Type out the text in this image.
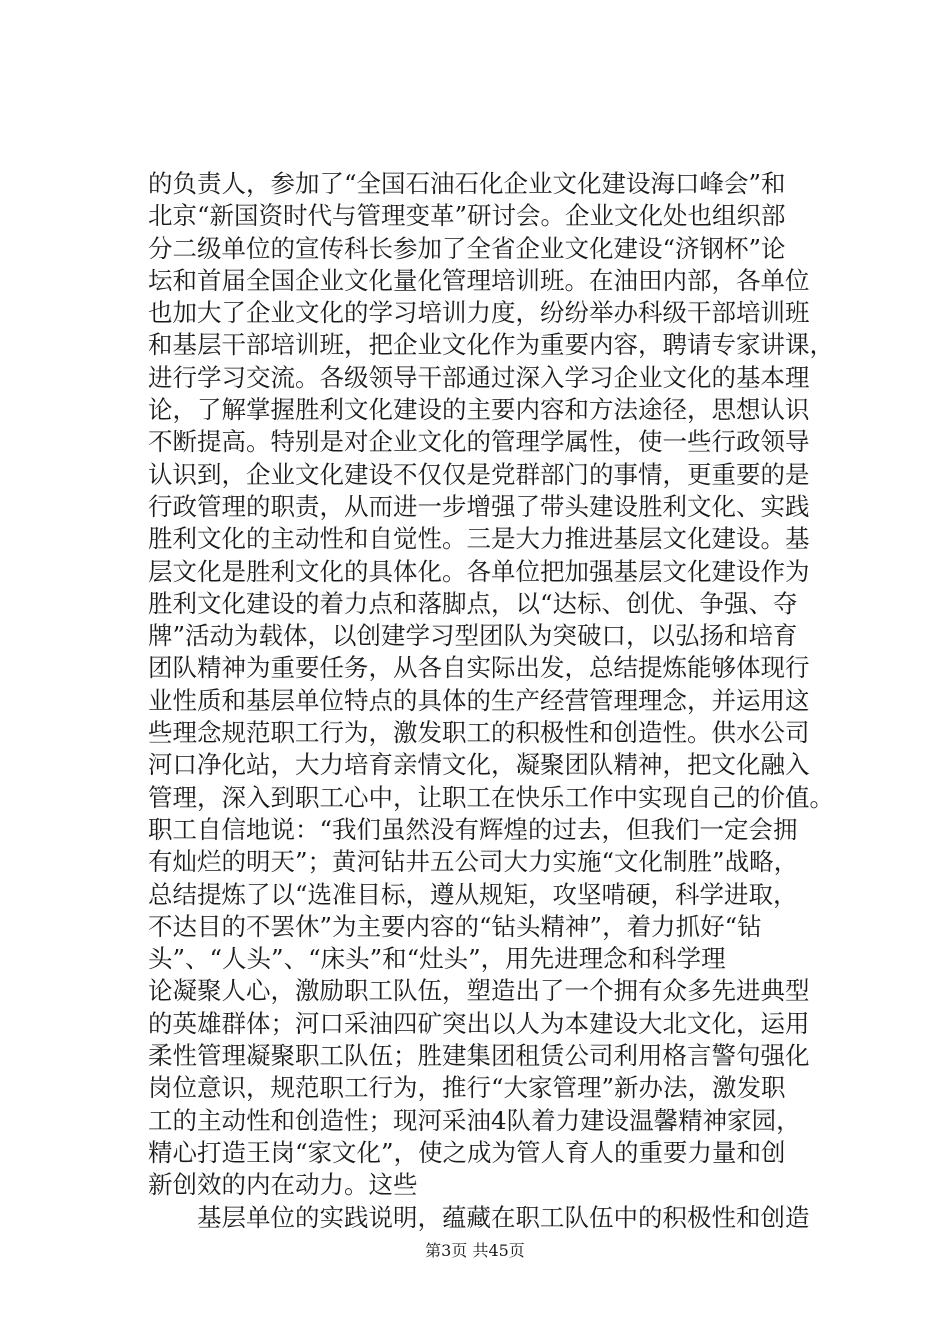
的负责人，参加了“全国石油石化企业文化建设海口峰会”和
北京“新国资时代与管理变革”研讨会。企业文化处也组织部
分二级单位的宣传科长参加了全省企业文化建设“济钢杯”论
坛和首届全国企业文化量化管理培训班。在油田内部，各单位
也加大了企业文化的学习培训力度，纷纷举办科级干部培训班
和基层干部培训班，把企业文化作为重要内容，聘请专家讲课，
进行学习交流。各级领导干部通过深入学习企业文化的基本理
论，了解掌握胜利文化建设的主要内容和方法途径，思想认识
不断提高。特别是对企业文化的管理学属性，使一些行政领导
认识到，企业文化建设不仅仅是党群部门的事情，更重要的是
行政管理的职责，从而进一步增强了带头建设胜利文化、实践
胜利文化的主动性和自觉性。三是大力推进基层文化建设。基
层文化是胜利文化的具体化。各单位把加强基层文化建设作为
胜利文化建设的着力点和落脚点，以“达标、创优、争强、夺
牌”活动为载体，以创建学习型团队为突破口，以弘扬和培育
团队精神为重要任务，从各自实际出发，总结提炼能够体现行
业性质和基层单位特点的具体的生产经营管理理念，并运用这
些理念规范职工行为，激发职工的积极性和创造性。供水公司
河口净化站，大力培育亲情文化，凝聚团队精神，把文化融入
管理，深入到职工心中，让职工在快乐工作中实现自己的价值。
职工自信地说：“我们虽然没有辉煌的过去，但我们一定会拥
有灿烂的明天”；黄河钻井五公司大力实施“文化制胜”战略，
总结提炼了以“选准目标，遵从规矩，攻坚啃硬，科学进取，
不达目的不罢休”为主要内容的“钻头精神”，着力抓好“钻
头”、“人头”、“床头”和“灶头”，用先进理念和科学理
论凝聚人心，激励职工队伍，塑造出了一个拥有众多先进典型
的英雄群体；河口采油四矿突出以人为本建设大北文化，运用
柔性管理凝聚职工队伍；胜建集团租赁公司利用格言警句强化
岗位意识，规范职工行为，推行“大家管理”新办法，激发职
工的主动性和创造性；现河采油4队着力建设温馨精神家园，
精心打造王岗“家文化”，使之成为管人育人的重要力量和创
新创效的内在动力。这些
基层单位的实践说明，蕴藏在职工队伍中的积极性和创造
第3页 共45页
